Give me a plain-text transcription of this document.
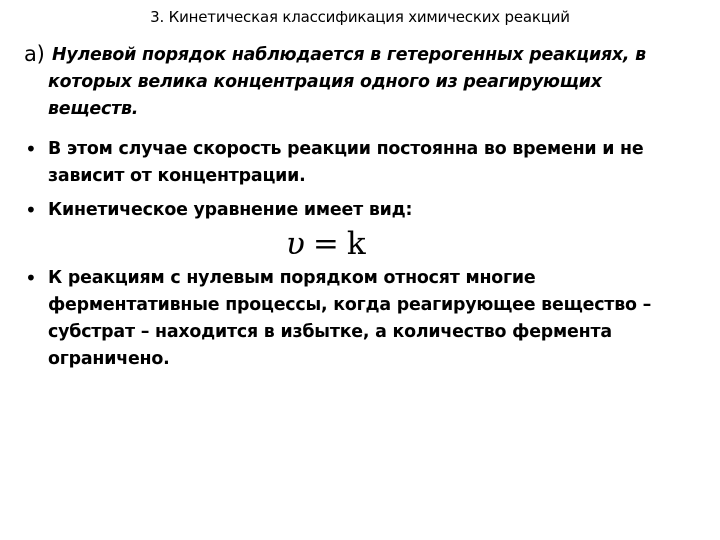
3. Кинетическая классификация химических реакций
а) Нулевой порядок наблюдается в гетерогенных реакциях, в которых велика концентрация одного из реагирующих веществ.
• В этом случае скорость реакции постоянна во времени и не зависит от концентрации.
• Кинетическое уравнение имеет вид:
υ = k
• К реакциям с нулевым порядком относят многие ферментативные процессы, когда реагирующее вещество – субстрат – находится в избытке, а количество фермента ограничено.
